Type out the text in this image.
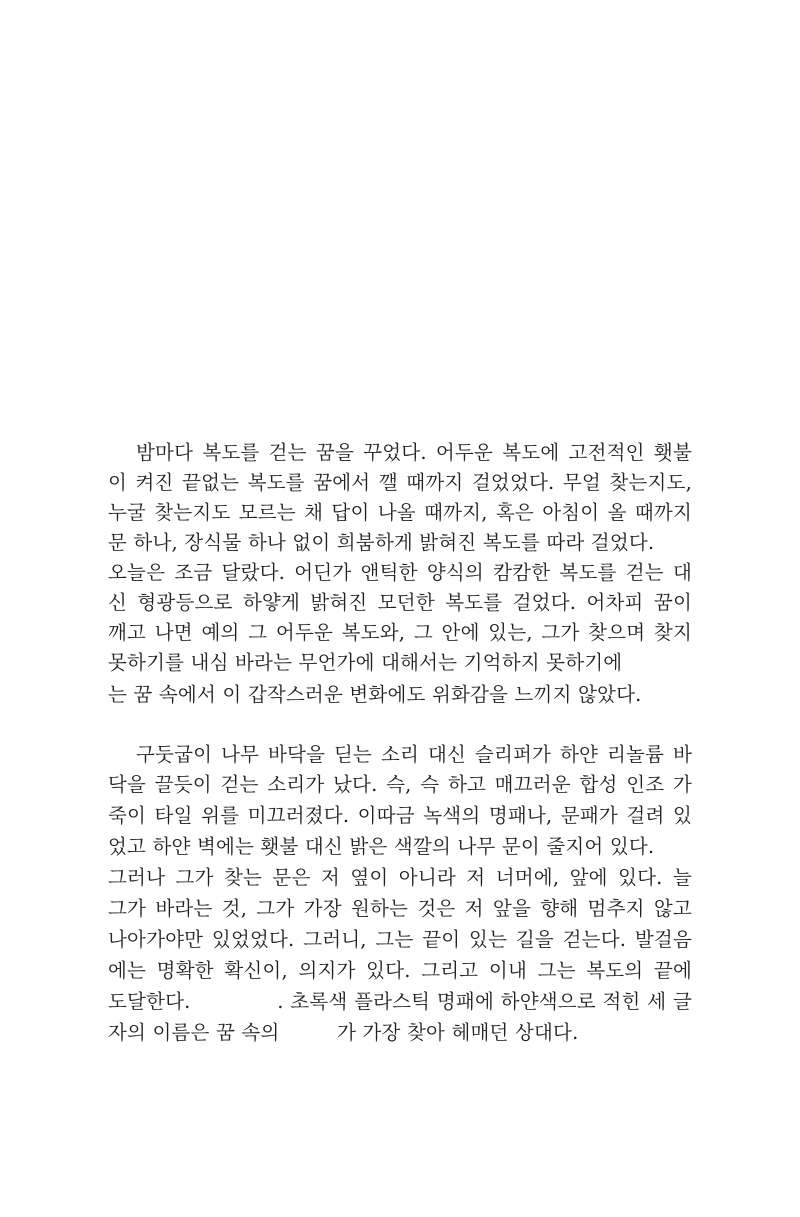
밤마다 복도를 걷는 꿈을 꾸었다. 어두운 복도에 고전적인 횃불
이 켜진 끝없는 복도를 꿈에서 깰 때까지 걸었었다. 무얼 찾는지도,
누굴 찾는지도 모르는 채 답이 나올 때까지, 혹은 아침이 올 때까지
문 하나, 장식물 하나 없이 희붐하게 밝혀진 복도를 따라 걸었다.
오늘은 조금 달랐다. 어딘가 앤틱한 양식의 캄캄한 복도를 걷는 대
신 형광등으로 하얗게 밝혀진 모던한 복도를 걸었다. 어차피 꿈이
깨고 나면 예의 그 어두운 복도와, 그 안에 있는, 그가 찾으며 찾지
못하기를 내심 바라는 무언가에 대해서는 기억하지 못하기에
는 꿈 속에서 이 갑작스러운 변화에도 위화감을 느끼지 않았다.
구둣굽이 나무 바닥을 딛는 소리 대신 슬리퍼가 하얀 리놀륨 바
닥을 끌듯이 걷는 소리가 났다. 슥, 슥 하고 매끄러운 합성 인조 가
죽이 타일 위를 미끄러졌다. 이따금 녹색의 명패나, 문패가 걸려 있
었고 하얀 벽에는 횃불 대신 밝은 색깔의 나무 문이 줄지어 있다.
그러나 그가 찾는 문은 저 옆이 아니라 저 너머에, 앞에 있다. 늘
그가 바라는 것, 그가 가장 원하는 것은 저 앞을 향해 멈추지 않고
나아가야만 있었었다. 그러니, 그는 끝이 있는 길을 걷는다. 발걸음
에는 명확한 확신이, 의지가 있다. 그리고 이내 그는 복도의 끝에
도달한다.             . 초록색 플라스틱 명패에 하얀색으로 적힌 세 글
자의 이름은 꿈 속의         가 가장 찾아 헤매던 상대다.
